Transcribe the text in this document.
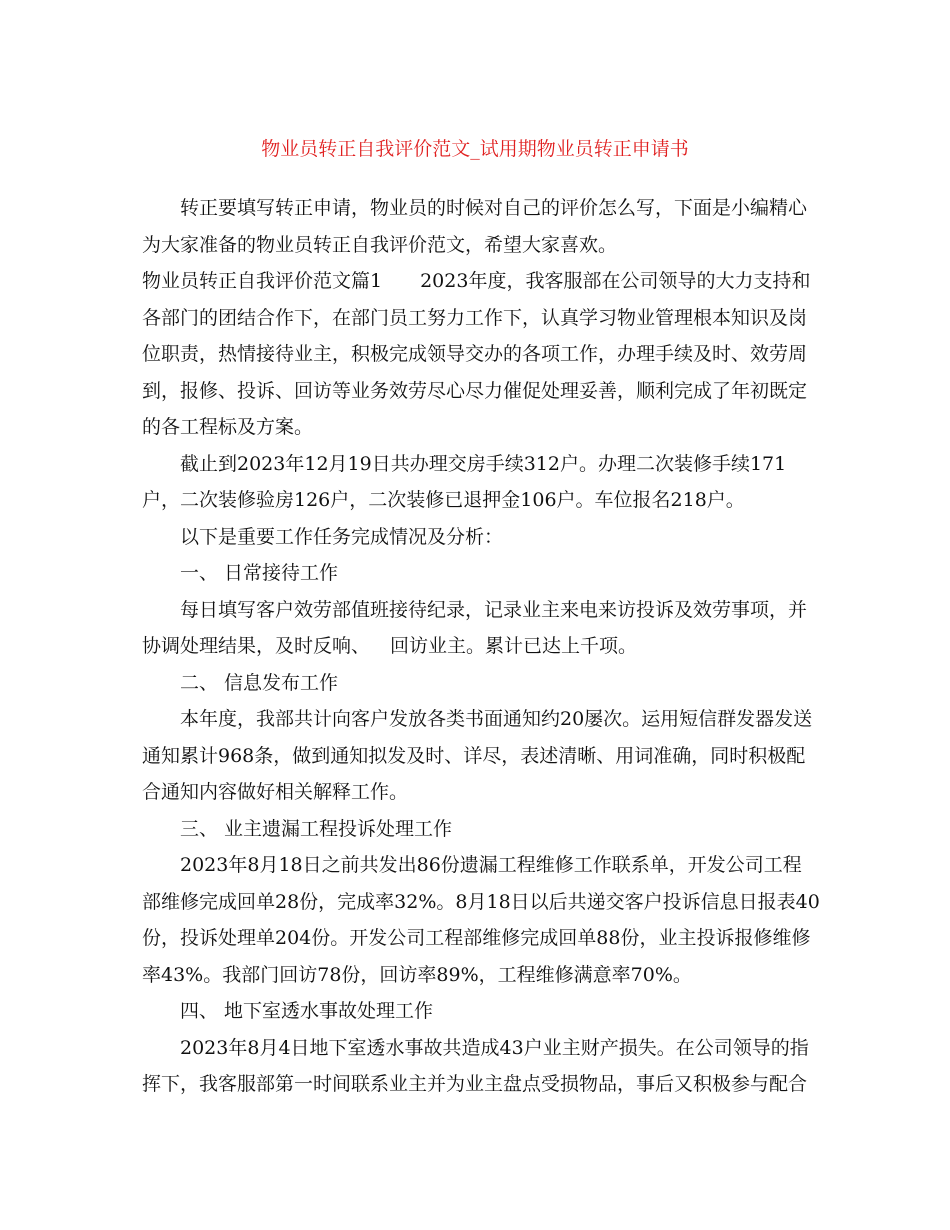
物业员转正自我评价范文_试用期物业员转正申请书

转正要填写转正申请，物业员的时候对自己的评价怎么写，下面是小编精心

为大家准备的物业员转正自我评价范文，希望大家喜欢。

物业员转正自我评价范文篇1 2023年度，我客服部在公司领导的大力支持和

各部门的团结合作下，在部门员工努力工作下，认真学习物业管理根本知识及岗

位职责，热情接待业主，积极完成领导交办的各项工作，办理手续及时、效劳周

到，报修、投诉、回访等业务效劳尽心尽力催促处理妥善，顺利完成了年初既定

的各工程标及方案。

截止到2023年12月19日共办理交房手续312户。办理二次装修手续171

户，二次装修验房126户，二次装修已退押金106户。车位报名218户。

以下是重要工作任务完成情况及分析：

一、 日常接待工作

每日填写客户效劳部值班接待纪录，记录业主来电来访投诉及效劳事项，并

协调处理结果，及时反响、 回访业主。累计已达上千项。

二、 信息发布工作

本年度，我部共计向客户发放各类书面通知约20屡次。运用短信群发器发送

通知累计968条，做到通知拟发及时、详尽，表述清晰、用词准确，同时积极配

合通知内容做好相关解释工作。

三、 业主遗漏工程投诉处理工作

2023年8月18日之前共发出86份遗漏工程维修工作联系单，开发公司工程

部维修完成回单28份，完成率32%。8月18日以后共递交客户投诉信息日报表40

份，投诉处理单204份。开发公司工程部维修完成回单88份，业主投诉报修维修

率43%。我部门回访78份，回访率89%，工程维修满意率70%。

四、 地下室透水事故处理工作

2023年8月4日地下室透水事故共造成43户业主财产损失。在公司领导的指

挥下，我客服部第一时间联系业主并为业主盘点受损物品，事后又积极参与配合
